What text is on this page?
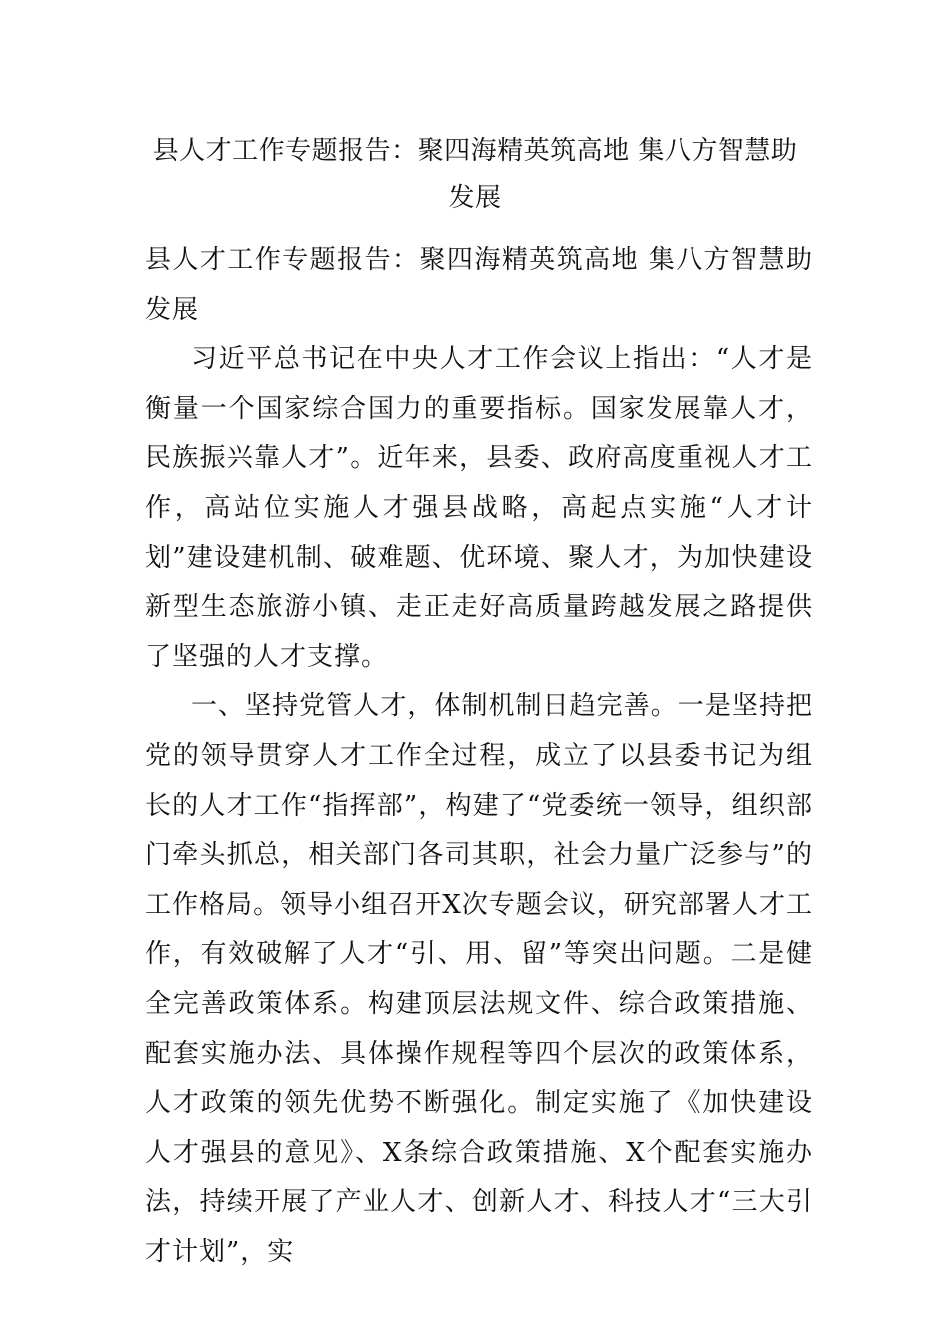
县人才工作专题报告：聚四海精英筑高地 集八方智慧助发展

县人才工作专题报告：聚四海精英筑高地 集八方智慧助发展

习近平总书记在中央人才工作会议上指出：“人才是衡量一个国家综合国力的重要指标。国家发展靠人才，民族振兴靠人才”。近年来，县委、政府高度重视人才工作，高站位实施人才强县战略，高起点实施“人才计划”建设建机制、破难题、优环境、聚人才，为加快建设新型生态旅游小镇、走正走好高质量跨越发展之路提供了坚强的人才支撑。

一、坚持党管人才，体制机制日趋完善。一是坚持把党的领导贯穿人才工作全过程，成立了以县委书记为组长的人才工作“指挥部”，构建了“党委统一领导，组织部门牵头抓总，相关部门各司其职，社会力量广泛参与”的工作格局。领导小组召开X次专题会议，研究部署人才工作，有效破解了人才“引、用、留”等突出问题。二是健全完善政策体系。构建顶层法规文件、综合政策措施、配套实施办法、具体操作规程等四个层次的政策体系，人才政策的领先优势不断强化。制定实施了《加快建设人才强县的意见》、X条综合政策措施、X个配套实施办法，持续开展了产业人才、创新人才、科技人才“三大引才计划”，实
